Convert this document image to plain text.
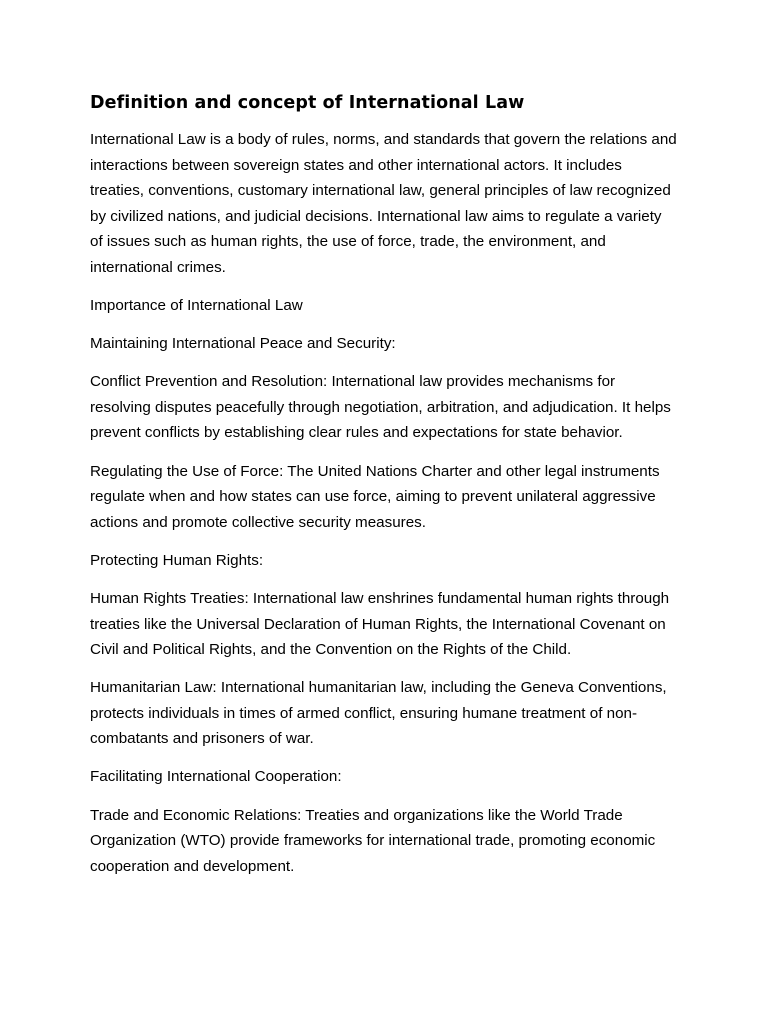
Definition and concept of International Law

International Law is a body of rules, norms, and standards that govern the relations and interactions between sovereign states and other international actors. It includes treaties, conventions, customary international law, general principles of law recognized by civilized nations, and judicial decisions. International law aims to regulate a variety of issues such as human rights, the use of force, trade, the environment, and international crimes.

Importance of International Law

Maintaining International Peace and Security:

Conflict Prevention and Resolution: International law provides mechanisms for resolving disputes peacefully through negotiation, arbitration, and adjudication. It helps prevent conflicts by establishing clear rules and expectations for state behavior.

Regulating the Use of Force: The United Nations Charter and other legal instruments regulate when and how states can use force, aiming to prevent unilateral aggressive actions and promote collective security measures.

Protecting Human Rights:

Human Rights Treaties: International law enshrines fundamental human rights through treaties like the Universal Declaration of Human Rights, the International Covenant on Civil and Political Rights, and the Convention on the Rights of the Child.

Humanitarian Law: International humanitarian law, including the Geneva Conventions, protects individuals in times of armed conflict, ensuring humane treatment of non-combatants and prisoners of war.

Facilitating International Cooperation:

Trade and Economic Relations: Treaties and organizations like the World Trade Organization (WTO) provide frameworks for international trade, promoting economic cooperation and development.
